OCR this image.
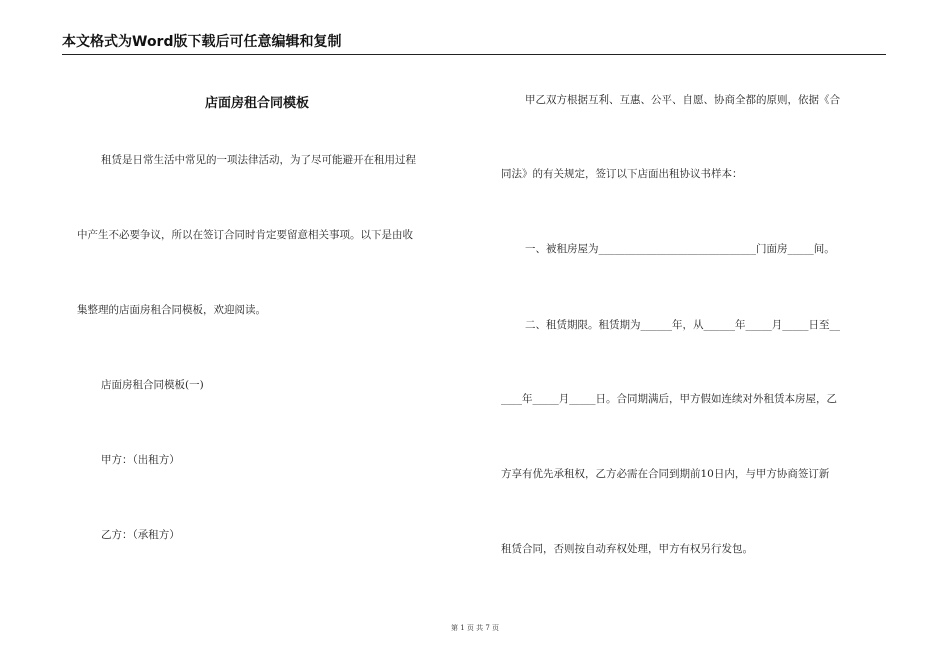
本文格式为Word版下载后可任意编辑和复制
店面房租合同模板
租赁是日常生活中常见的一项法律活动，为了尽可能避开在租用过程
中产生不必要争议，所以在签订合同时肯定要留意相关事项。以下是由收
集整理的店面房租合同模板，欢迎阅读。
店面房租合同模板(一)
甲方：（出租方）
乙方：（承租方）
甲乙双方根据互利、互惠、公平、自愿、协商全都的原则，依据《合
同法》的有关规定，签订以下店面出租协议书样本：
一、被租房屋为______________________________门面房_____间。
二、租赁期限。租赁期为______年，从______年_____月_____日至__
____年_____月_____日。合同期满后，甲方假如连续对外租赁本房屋，乙
方享有优先承租权，乙方必需在合同到期前10日内，与甲方协商签订新
租赁合同，否则按自动弃权处理，甲方有权另行发包。
第 1 页 共 7 页
